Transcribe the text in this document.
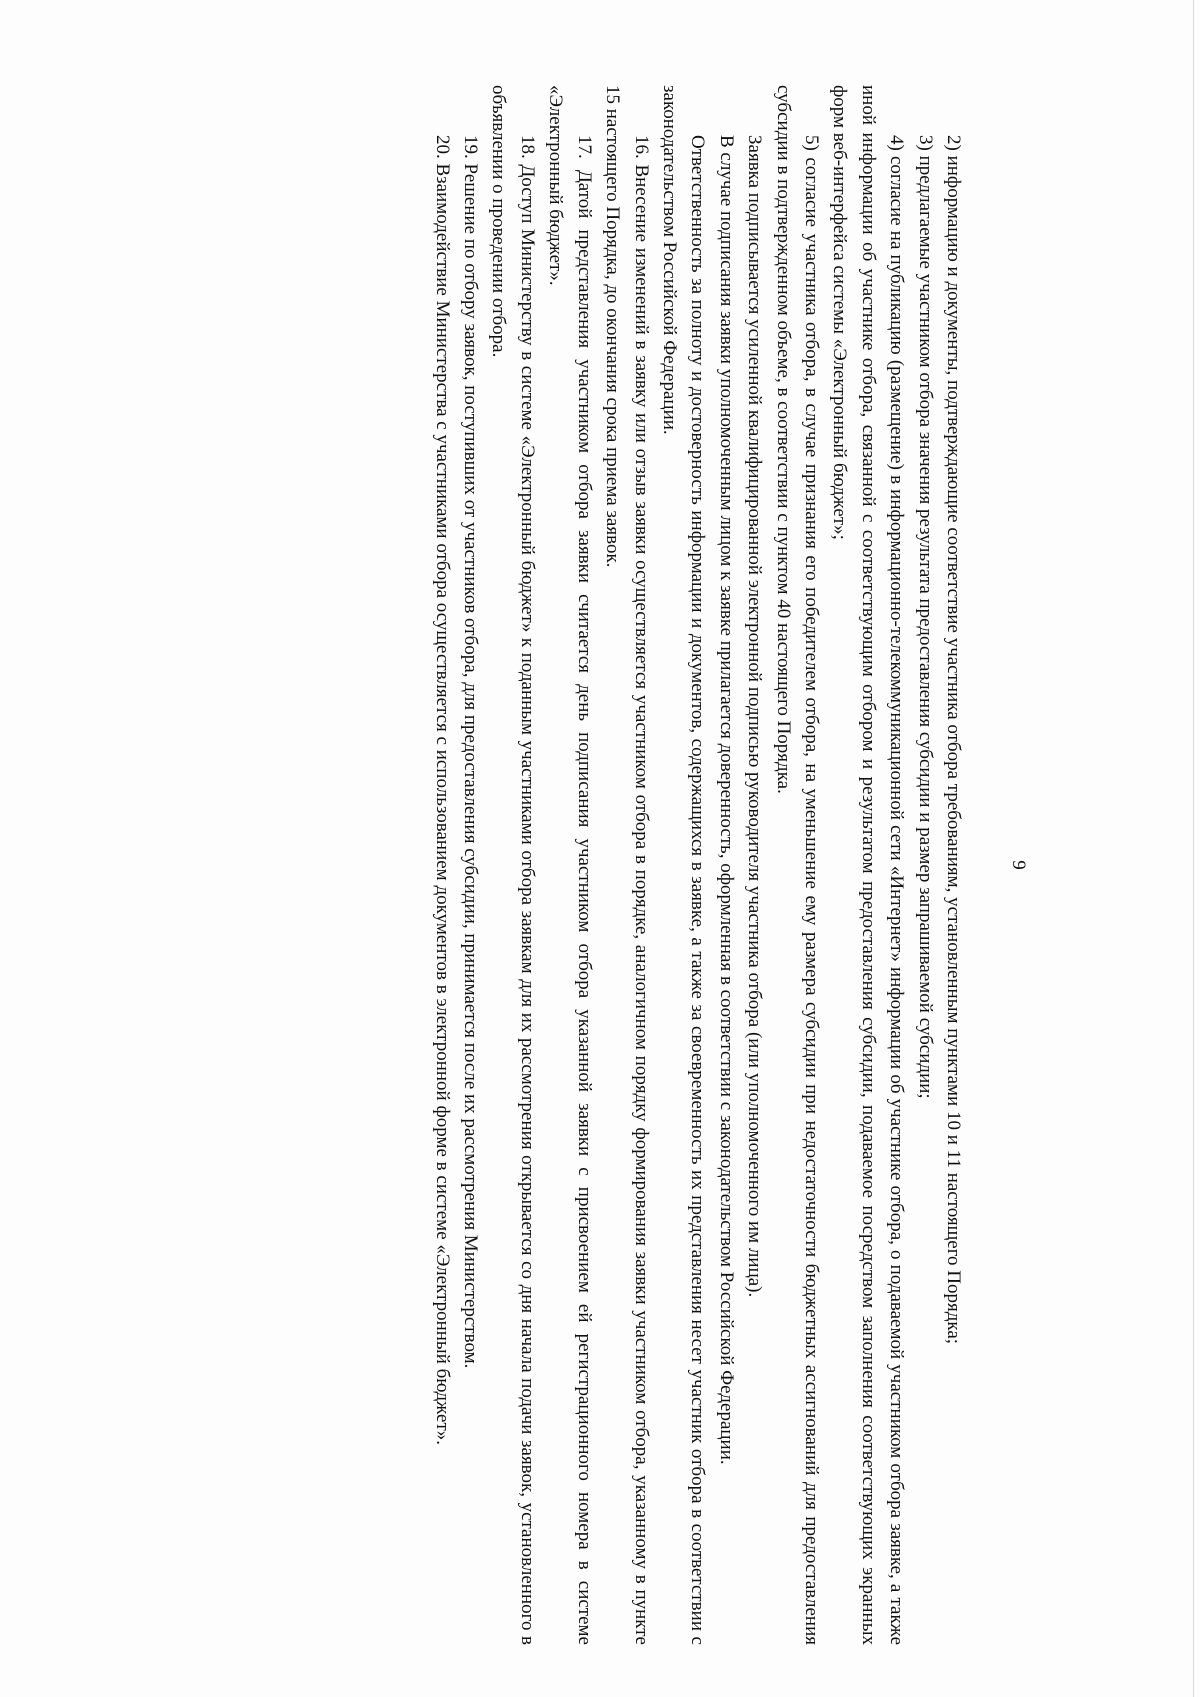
9

2) информацию и документы, подтверждающие соответствие участника отбора требованиям, установленным пунктами 10 и 11 настоящего Порядка;

3) предлагаемые участником отбора значения результата предоставления субсидии и размер запрашиваемой субсидии;

4) согласие на публикацию (размещение) в информационно-телекоммуникационной сети «Интернет» информации об участнике отбора, о подаваемой участником отбора заявке, а также иной информации об участнике отбора, связанной с соответствующим отбором и результатом предоставления субсидии, подаваемое посредством заполнения соответствующих экранных форм веб-интерфейса системы «Электронный бюджет»;

5) согласие участника отбора, в случае признания его победителем отбора, на уменьшение ему размера субсидии при недостаточности бюджетных ассигнований для предоставления субсидии в подтвержденном объеме, в соответствии с пунктом 40 настоящего Порядка.

Заявка подписывается усиленной квалифицированной электронной подписью руководителя участника отбора (или уполномоченного им лица).

В случае подписания заявки уполномоченным лицом к заявке прилагается доверенность, оформленная в соответствии с законодательством Российской Федерации.

Ответственность за полноту и достоверность информации и документов, содержащихся в заявке, а также за своевременность их представления несет участник отбора в соответствии с законодательством Российской Федерации.

16. Внесение изменений в заявку или отзыв заявки осуществляется участником отбора в порядке, аналогичном порядку формирования заявки участником отбора, указанному в пункте 15 настоящего Порядка, до окончания срока приема заявок.

17. Датой представления участником отбора заявки считается день подписания участником отбора указанной заявки с присвоением ей регистрационного номера в системе «Электронный бюджет».

18. Доступ Министерству в системе «Электронный бюджет» к поданным участниками отбора заявкам для их рассмотрения открывается со дня начала подачи заявок, установленного в объявлении о проведении отбора.

19. Решение по отбору заявок, поступивших от участников отбора, для предоставления субсидии, принимается после их рассмотрения Министерством.

20. Взаимодействие Министерства с участниками отбора осуществляется с использованием документов в электронной форме в системе «Электронный бюджет».
